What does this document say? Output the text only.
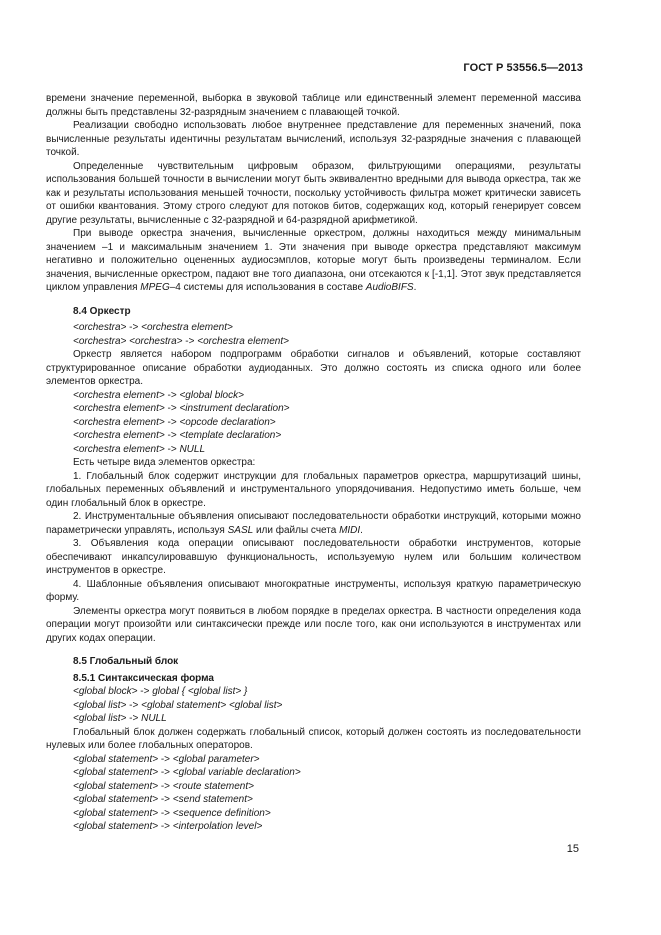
ГОСТ Р 53556.5—2013

времени значение переменной, выборка в звуковой таблице или единственный элемент переменной массива должны быть представлены 32-разрядным значением с плавающей точкой.

Реализации свободно использовать любое внутреннее представление для переменных значений, пока вычисленные результаты идентичны результатам вычислений, используя 32-разрядные значения с плавающей точкой.

Определенные чувствительным цифровым образом, фильтрующими операциями, результаты использования большей точности в вычислении могут быть эквивалентно вредными для вывода оркестра, так же как и результаты использования меньшей точности, поскольку устойчивость фильтра может критически зависеть от ошибки квантования. Этому строго следуют для потоков битов, содержащих код, который генерирует совсем другие результаты, вычисленные с 32-разрядной и 64-разрядной арифметикой.

При выводе оркестра значения, вычисленные оркестром, должны находиться между минимальным значением –1 и максимальным значением 1. Эти значения при выводе оркестра представляют максимум негативно и положительно оцененных аудиосэмплов, которые могут быть произведены терминалом. Если значения, вычисленные оркестром, падают вне того диапазона, они отсекаются к [-1,1]. Этот звук представляется циклом управления MPEG–4 системы для использования в составе AudioBIFS.

8.4 Оркестр
<orchestra> -> <orchestra element>
<orchestra> <orchestra> -> <orchestra element>

Оркестр является набором подпрограмм обработки сигналов и объявлений, которые составляют структурированное описание обработки аудиоданных. Это должно состоять из списка одного или более элементов оркестра.

<orchestra element> -> <global block>
<orchestra element> -> <instrument declaration>
<orchestra element> -> <opcode declaration>
<orchestra element> -> <template declaration>
<orchestra element> -> NULL

Есть четыре вида элементов оркестра:

1. Глобальный блок содержит инструкции для глобальных параметров оркестра, маршрутизаций шины, глобальных переменных объявлений и инструментального упорядочивания. Недопустимо иметь больше, чем один глобальный блок в оркестре.

2. Инструментальные объявления описывают последовательности обработки инструкций, которыми можно параметрически управлять, используя SASL или файлы счета MIDI.

3. Объявления кода операции описывают последовательности обработки инструментов, которые обеспечивают инкапсулировавшую функциональность, используемую нулем или большим количеством инструментов в оркестре.

4. Шаблонные объявления описывают многократные инструменты, используя краткую параметрическую форму.

Элементы оркестра могут появиться в любом порядке в пределах оркестра. В частности определения кода операции могут произойти или синтаксически прежде или после того, как они используются в инструментах или других кодах операции.

8.5 Глобальный блок
8.5.1 Синтаксическая форма
<global block> -> global { <global list> }
<global list> -> <global statement> <global list>
<global list> -> NULL

Глобальный блок должен содержать глобальный список, который должен состоять из последовательности нулевых или более глобальных операторов.

<global statement> -> <global parameter>
<global statement> -> <global variable declaration>
<global statement> -> <route statement>
<global statement> -> <send statement>
<global statement> -> <sequence definition>
<global statement> -> <interpolation level>
15
